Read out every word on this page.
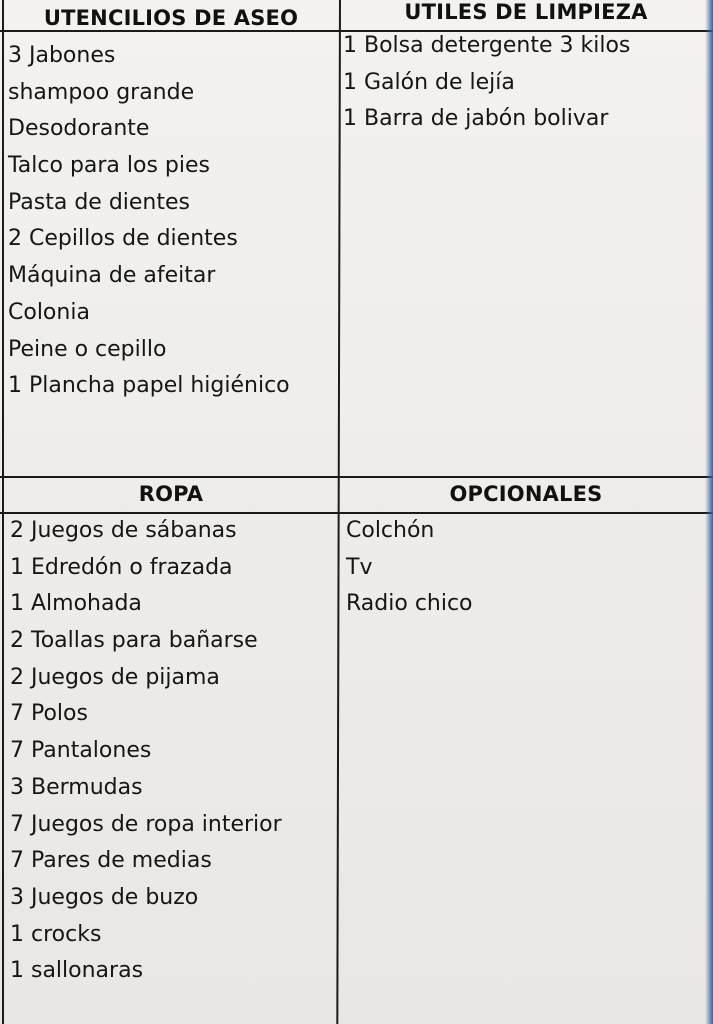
UTENCILIOS DE ASEO	UTILES DE LIMPIEZA
ROPA	OPCIONALES
3 Jabones
shampoo grande
Desodorante
Talco para los pies
Pasta de dientes
2 Cepillos de dientes
Máquina de afeitar
Colonia
Peine o cepillo
1 Plancha papel higiénico
1 Bolsa detergente 3 kilos
1 Galón de lejía
1 Barra de jabón bolivar
2 Juegos de sábanas
1 Edredón o frazada
1 Almohada
2 Toallas para bañarse
2 Juegos de pijama
7 Polos
7 Pantalones
3 Bermudas
7 Juegos de ropa interior
7 Pares de medias
3 Juegos de buzo
1 crocks
1 sallonaras
Colchón
Tv
Radio chico
